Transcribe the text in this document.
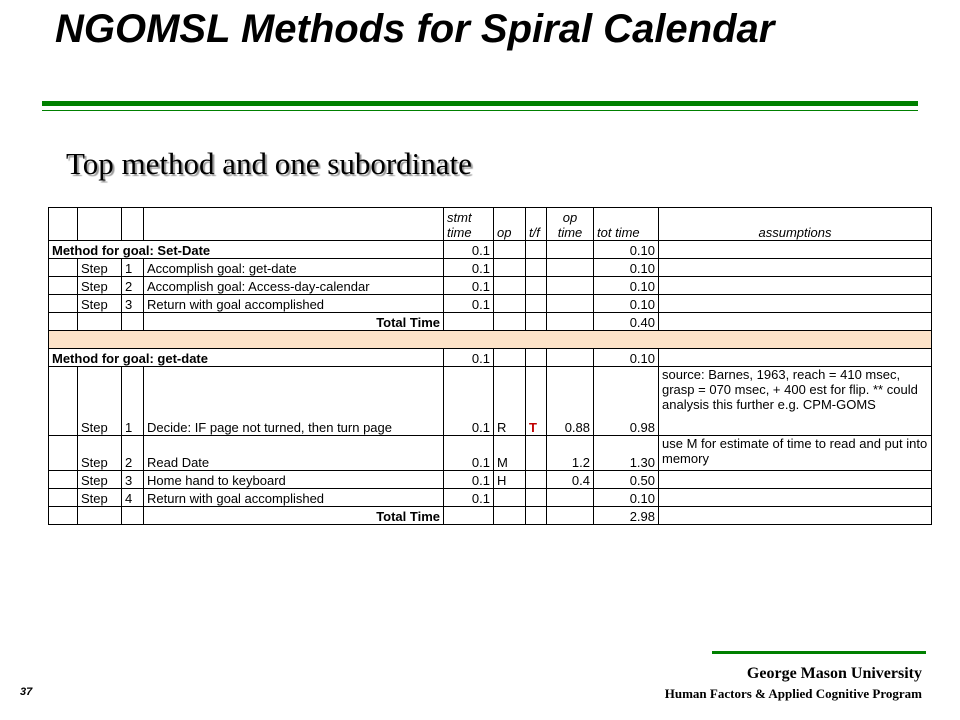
NGOMSL Methods for Spiral Calendar
Top method and one subordinate
				stmt time	op	t/f	op time	tot time	assumptions
Method for goal: Set-Date				0.1				0.10	
	Step	1	Accomplish goal: get-date	0.1				0.10	
	Step	2	Accomplish goal: Access-day-calendar	0.1				0.10	
	Step	3	Return with goal accomplished	0.1				0.10	
			Total Time					0.40	

Method for goal: get-date				0.1				0.10	
	Step	1	Decide: IF page not turned, then turn page	0.1	R	T	0.88	0.98	source: Barnes, 1963, reach = 410 msec, grasp = 070 msec, + 400 est for flip. ** could analysis this further e.g. CPM-GOMS
	Step	2	Read Date	0.1	M		1.2	1.30	use M for estimate of time to read and put into memory
	Step	3	Home hand to keyboard	0.1	H		0.4	0.50	
	Step	4	Return with goal accomplished	0.1				0.10	
			Total Time					2.98	
George Mason University
Human Factors & Applied Cognitive Program
37
